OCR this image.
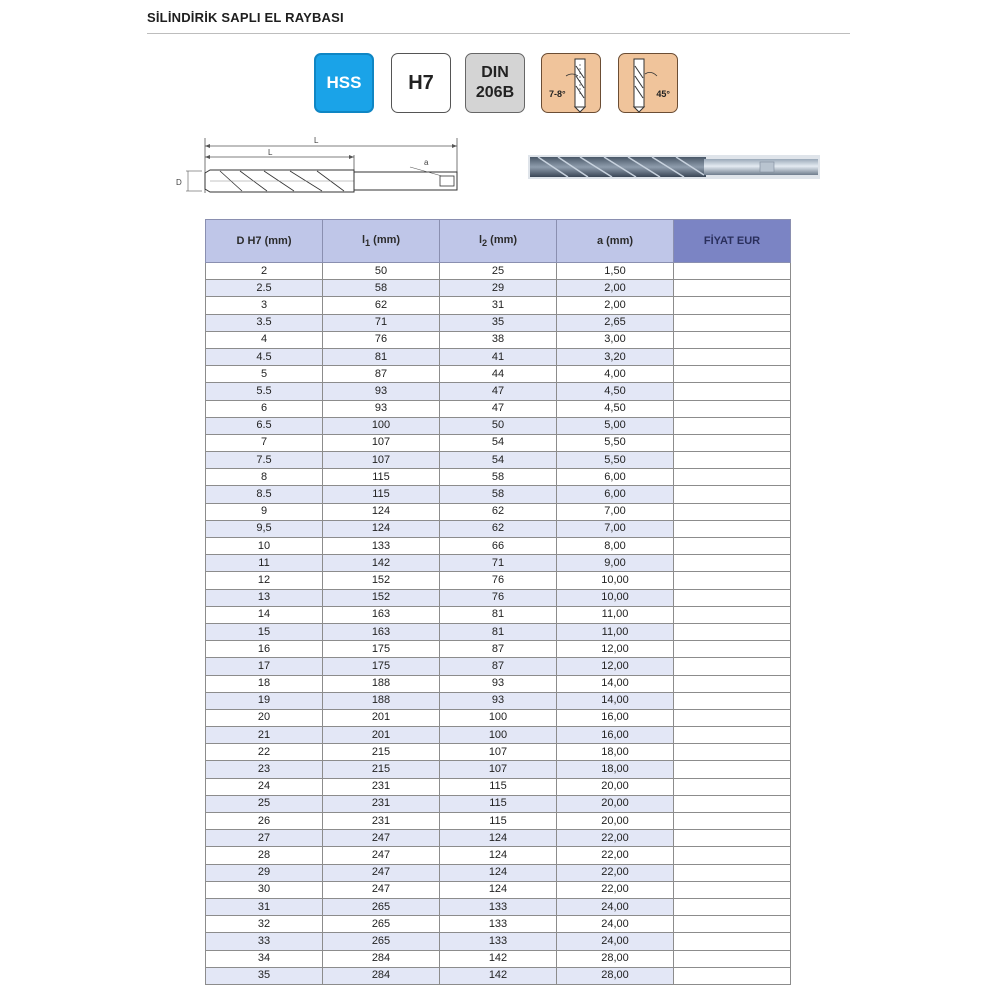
SİLİNDİRİK SAPLI EL RAYBASI
HSS H7	DIN
206B	7-8°	45°
L
L
D
a
D H7 (mm)	$l_1$ (mm)	$l_2$ (mm)	a (mm)	FİYAT EUR
2	50	25	1,50	
2.5	58	29	2,00	
3	62	31	2,00	
3.5	71	35	2,65	
4	76	38	3,00	
4.5	81	41	3,20	
5	87	44	4,00	
5.5	93	47	4,50	
6	93	47	4,50	
6.5	100	50	5,00	
7	107	54	5,50	
7.5	107	54	5,50	
8	115	58	6,00	
8.5	115	58	6,00	
9	124	62	7,00	
9,5	124	62	7,00	
10	133	66	8,00	
11	142	71	9,00	
12	152	76	10,00	
13	152	76	10,00	
14	163	81	11,00	
15	163	81	11,00	
16	175	87	12,00	
17	175	87	12,00	
18	188	93	14,00	
19	188	93	14,00	
20	201	100	16,00	
21	201	100	16,00	
22	215	107	18,00	
23	215	107	18,00	
24	231	115	20,00	
25	231	115	20,00	
26	231	115	20,00	
27	247	124	22,00	
28	247	124	22,00	
29	247	124	22,00	
30	247	124	22,00	
31	265	133	24,00	
32	265	133	24,00	
33	265	133	24,00	
34	284	142	28,00	
35	284	142	28,00	
